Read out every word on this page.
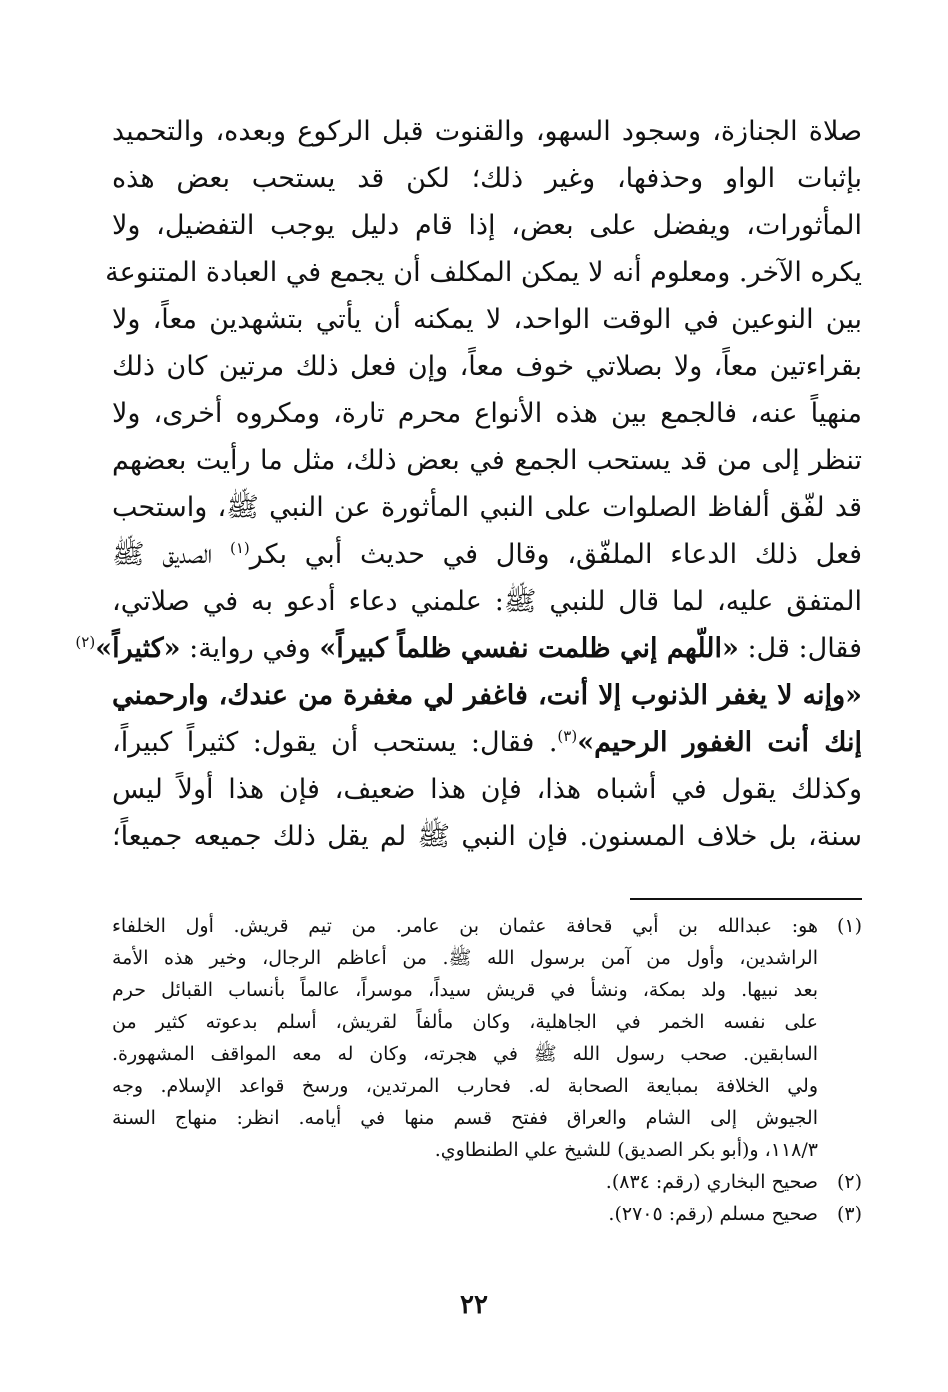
صلاة الجنازة، وسجود السهو، والقنوت قبل الركوع وبعده، والتحميد
بإثبات الواو وحذفها، وغير ذلك؛ لكن قد يستحب بعض هذه
المأثورات، ويفضل على بعض، إذا قام دليل يوجب التفضيل، ولا
يكره الآخر. ومعلوم أنه لا يمكن المكلف أن يجمع في العبادة المتنوعة
بين النوعين في الوقت الواحد، لا يمكنه أن يأتي بتشهدين معاً، ولا
بقراءتين معاً، ولا بصلاتي خوف معاً، وإن فعل ذلك مرتين كان ذلك
منهياً عنه، فالجمع بين هذه الأنواع محرم تارة، ومكروه أخرى، ولا
تنظر إلى من قد يستحب الجمع في بعض ذلك، مثل ما رأيت بعضهم
قد لفّق ألفاظ الصلوات على النبي المأثورة عن النبي ﷺ، واستحب
فعل ذلك الدعاء الملفّق، وقال في حديث أبي بكر$^{(١)}$ الصديق ﷺ
المتفق عليه، لما قال للنبي ﷺ: علمني دعاء أدعو به في صلاتي،
فقال: قل: «اللّهم إني ظلمت نفسي ظلماً كبيراً» وفي رواية: «كثيراً»$^{(٢)}$
«وإنه لا يغفر الذنوب إلا أنت، فاغفر لي مغفرة من عندك، وارحمني
إنك أنت الغفور الرحيم»$^{(٣)}$. فقال: يستحب أن يقول: كثيراً كبيراً،
وكذلك يقول في أشباه هذا، فإن هذا ضعيف، فإن هذا أولاً ليس
سنة، بل خلاف المسنون. فإن النبي ﷺ لم يقل ذلك جميعه جميعاً؛
(١)
هو: عبدالله بن أبي قحافة عثمان بن عامر. من تيم قريش. أول الخلفاء
الراشدين، وأول من آمن برسول الله ﷺ. من أعاظم الرجال، وخير هذه الأمة
بعد نبيها. ولد بمكة، ونشأ في قريش سيداً، موسراً، عالماً بأنساب القبائل حرم
على نفسه الخمر في الجاهلية، وكان مألفاً لقريش، أسلم بدعوته كثير من
السابقين. صحب رسول الله ﷺ في هجرته، وكان له معه المواقف المشهورة.
ولي الخلافة بمبايعة الصحابة له. فحارب المرتدين، ورسخ قواعد الإسلام. وجه
الجيوش إلى الشام والعراق ففتح قسم منها في أيامه. انظر: منهاج السنة
١١٨/٣، و(أبو بكر الصديق) للشيخ علي الطنطاوي.
(٢)
صحيح البخاري (رقم: ٨٣٤).
(٣)
صحيح مسلم (رقم: ٢٧٠٥).
٢٢
